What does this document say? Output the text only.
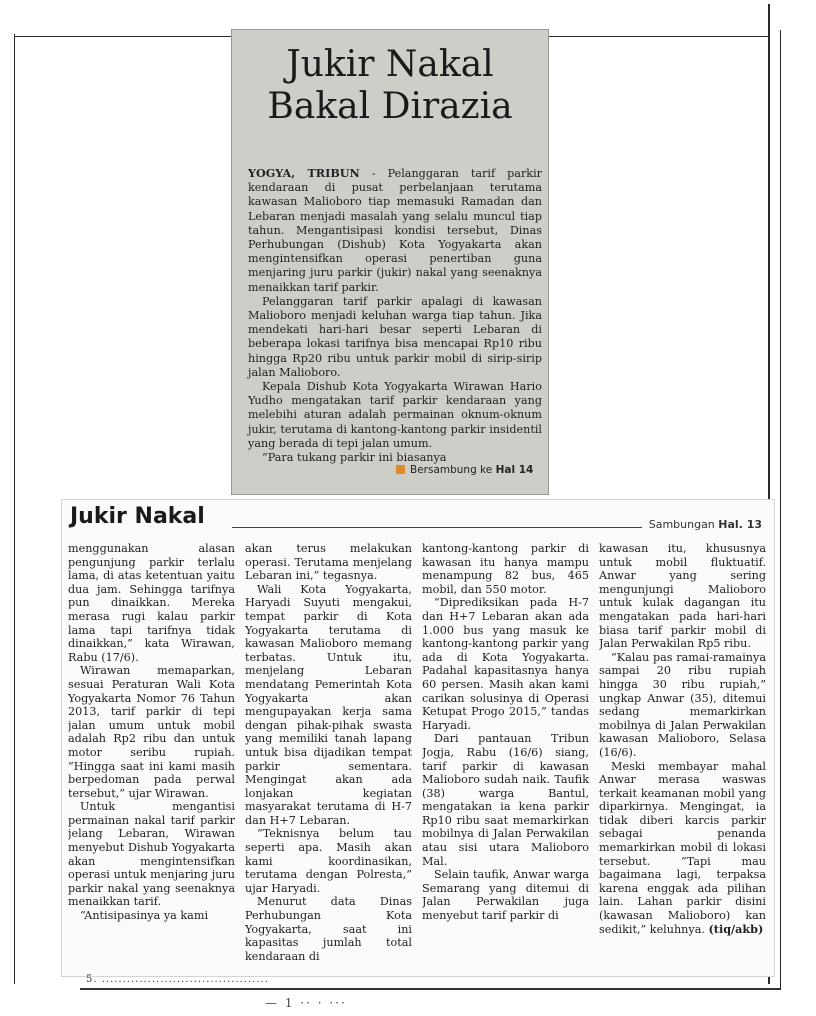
Jukir Nakal
Bakal Dirazia

YOGYA, TRIBUN - Pelanggaran tarif parkir kendaraan di pusat perbelanjaan terutama kawasan Malioboro tiap memasuki Ramadan dan Lebaran menjadi masalah yang selalu muncul tiap tahun. Mengantisipasi kondisi tersebut, Dinas Perhubungan (Dishub) Kota Yogyakarta akan mengintensifkan operasi penertiban guna menjaring juru parkir (jukir) nakal yang seenaknya menaikkan tarif parkir.

Pelanggaran tarif parkir apalagi di kawasan Malioboro menjadi keluhan warga tiap tahun. Jika mendekati hari-hari besar seperti Lebaran di beberapa lokasi tarifnya bisa mencapai Rp10 ribu hingga Rp20 ribu untuk parkir mobil di sirip-sirip jalan Malioboro.

Kepala Dishub Kota Yogyakarta Wirawan Hario Yudho mengatakan tarif parkir kendaraan yang melebihi aturan adalah permainan oknum-oknum jukir, terutama di kantong-kantong parkir insidentil yang berada di tepi jalan umum.

“Para tukang parkir ini biasanya

Bersambung ke Hal 14
Jukir Nakal	Sambungan Hal. 13

menggunakan alasan pengunjung parkir terlalu lama, di atas ketentuan yaitu dua jam. Sehingga tarifnya pun dinaikkan. Mereka merasa rugi kalau parkir lama tapi tarifnya tidak dinaikkan,” kata Wirawan, Rabu (17/6).

Wirawan memaparkan, sesuai Peraturan Wali Kota Yogyakarta Nomor 76 Tahun 2013, tarif parkir di tepi jalan umum untuk mobil adalah Rp2 ribu dan untuk motor seribu rupiah. “Hingga saat ini kami masih berpedoman pada perwal tersebut,” ujar Wirawan.

Untuk mengantisi permainan nakal tarif parkir jelang Lebaran, Wirawan menyebut Dishub Yogyakarta akan mengintensifkan operasi untuk menjaring juru parkir nakal yang seenaknya menaikkan tarif.

“Antisipasinya ya kami

akan terus melakukan operasi. Terutama menjelang Lebaran ini,” tegasnya.

Wali Kota Yogyakarta, Haryadi Suyuti mengakui, tempat parkir di Kota Yogyakarta terutama di kawasan Malioboro memang terbatas. Untuk itu, menjelang Lebaran mendatang Pemerintah Kota Yogyakarta akan mengupayakan kerja sama dengan pihak-pihak swasta yang memiliki tanah lapang untuk bisa dijadikan tempat parkir sementara. Mengingat akan ada lonjakan kegiatan masyarakat terutama di H-7 dan H+7 Lebaran.

“Teknisnya belum tau seperti apa. Masih akan kami koordinasikan, terutama dengan Polresta,” ujar Haryadi.

Menurut data Dinas Perhubungan Kota Yogyakarta, saat ini kapasitas jumlah total kendaraan di

kantong-kantong parkir di kawasan itu hanya mampu menampung 82 bus, 465 mobil, dan 550 motor.

“Diprediksikan pada H-7 dan H+7 Lebaran akan ada 1.000 bus yang masuk ke kantong-kantong parkir yang ada di Kota Yogyakarta. Padahal kapasitasnya hanya 60 persen. Masih akan kami carikan solusinya di Operasi Ketupat Progo 2015,” tandas Haryadi.

Dari pantauan Tribun Jogja, Rabu (16/6) siang, tarif parkir di kawasan Malioboro sudah naik. Taufik (38) warga Bantul, mengatakan ia kena parkir Rp10 ribu saat memarkirkan mobilnya di Jalan Perwakilan atau sisi utara Malioboro Mal.

Selain taufik, Anwar warga Semarang yang ditemui di Jalan Perwakilan juga menyebut tarif parkir di

kawasan itu, khususnya untuk mobil fluktuatif. Anwar yang sering mengunjungi Malioboro untuk kulak dagangan itu mengatakan pada hari-hari biasa tarif parkir mobil di Jalan Perwakilan Rp5 ribu.

“Kalau pas ramai-ramainya sampai 20 ribu rupiah hingga 30 ribu rupiah,” ungkap Anwar (35), ditemui sedang memarkirkan mobilnya di Jalan Perwakilan kawasan Malioboro, Selasa (16/6).

Meski membayar mahal Anwar merasa waswas terkait keamanan mobil yang diparkirnya. Mengingat, ia tidak diberi karcis parkir sebagai penanda memarkirkan mobil di lokasi tersebut. “Tapi mau bagaimana lagi, terpaksa karena enggak ada pilihan lain. Lahan parkir disini (kawasan Malioboro) kan sedikit,” keluhnya. (tiq/akb)

5. ........................................
— 1 ·· · ···
